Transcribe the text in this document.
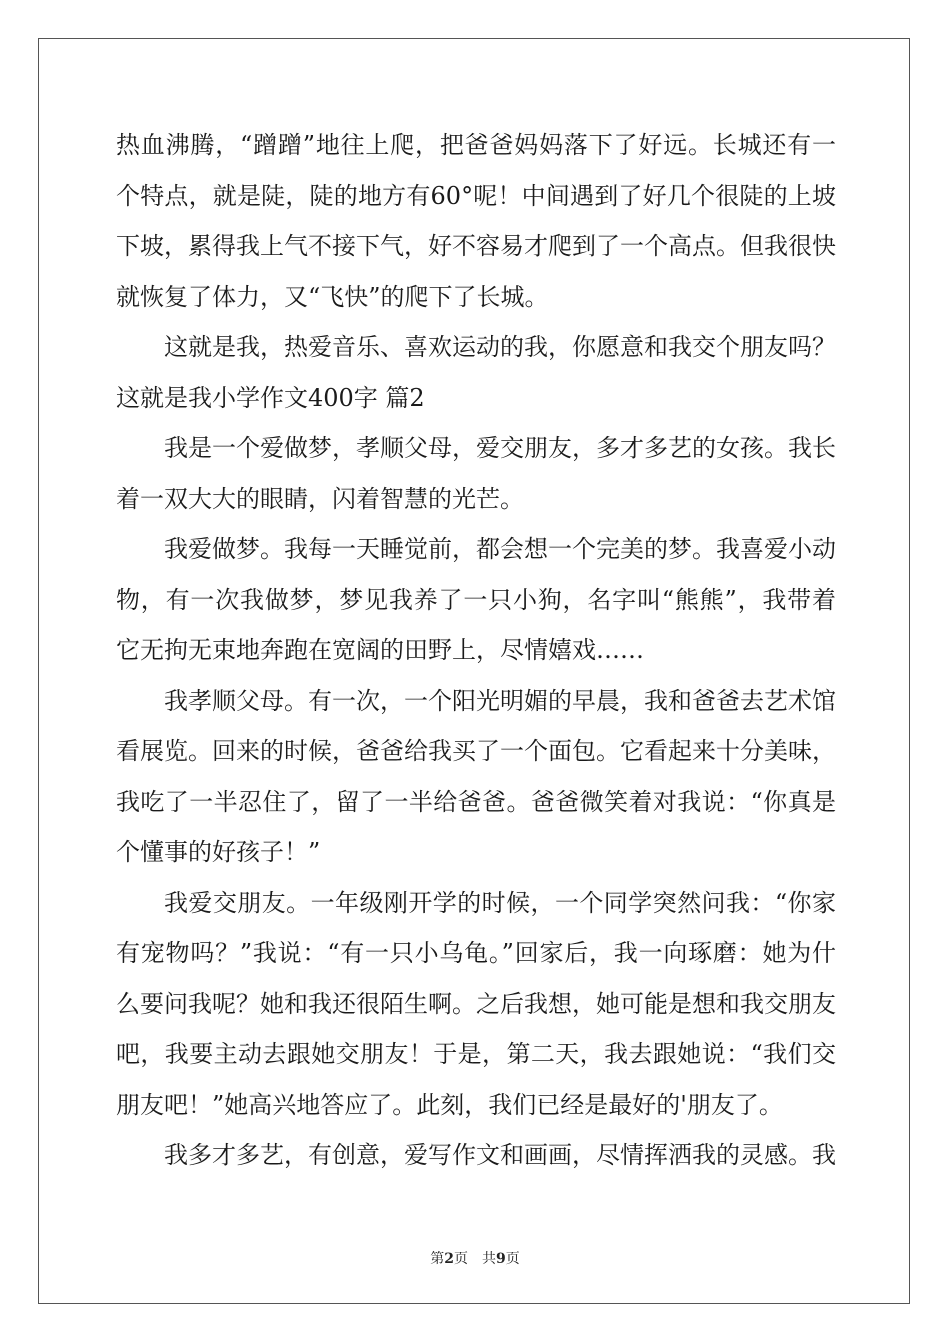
热血沸腾，“蹭蹭”地往上爬，把爸爸妈妈落下了好远。长城还有一个特点，就是陡，陡的地方有60°呢！中间遇到了好几个很陡的上坡下坡，累得我上气不接下气，好不容易才爬到了一个高点。但我很快就恢复了体力，又“飞快”的爬下了长城。

这就是我，热爱音乐、喜欢运动的我，你愿意和我交个朋友吗？

这就是我小学作文400字 篇2

我是一个爱做梦，孝顺父母，爱交朋友，多才多艺的女孩。我长着一双大大的眼睛，闪着智慧的光芒。

我爱做梦。我每一天睡觉前，都会想一个完美的梦。我喜爱小动物，有一次我做梦，梦见我养了一只小狗，名字叫“熊熊”，我带着它无拘无束地奔跑在宽阔的田野上，尽情嬉戏……

我孝顺父母。有一次，一个阳光明媚的早晨，我和爸爸去艺术馆看展览。回来的时候，爸爸给我买了一个面包。它看起来十分美味，我吃了一半忍住了，留了一半给爸爸。爸爸微笑着对我说：“你真是个懂事的好孩子！”

我爱交朋友。一年级刚开学的时候，一个同学突然问我：“你家有宠物吗？”我说：“有一只小乌龟。”回家后，我一向琢磨：她为什么要问我呢？她和我还很陌生啊。之后我想，她可能是想和我交朋友吧，我要主动去跟她交朋友！于是，第二天，我去跟她说：“我们交朋友吧！”她高兴地答应了。此刻，我们已经是最好的'朋友了。

我多才多艺，有创意，爱写作文和画画，尽情挥洒我的灵感。我

第2页　共9页
